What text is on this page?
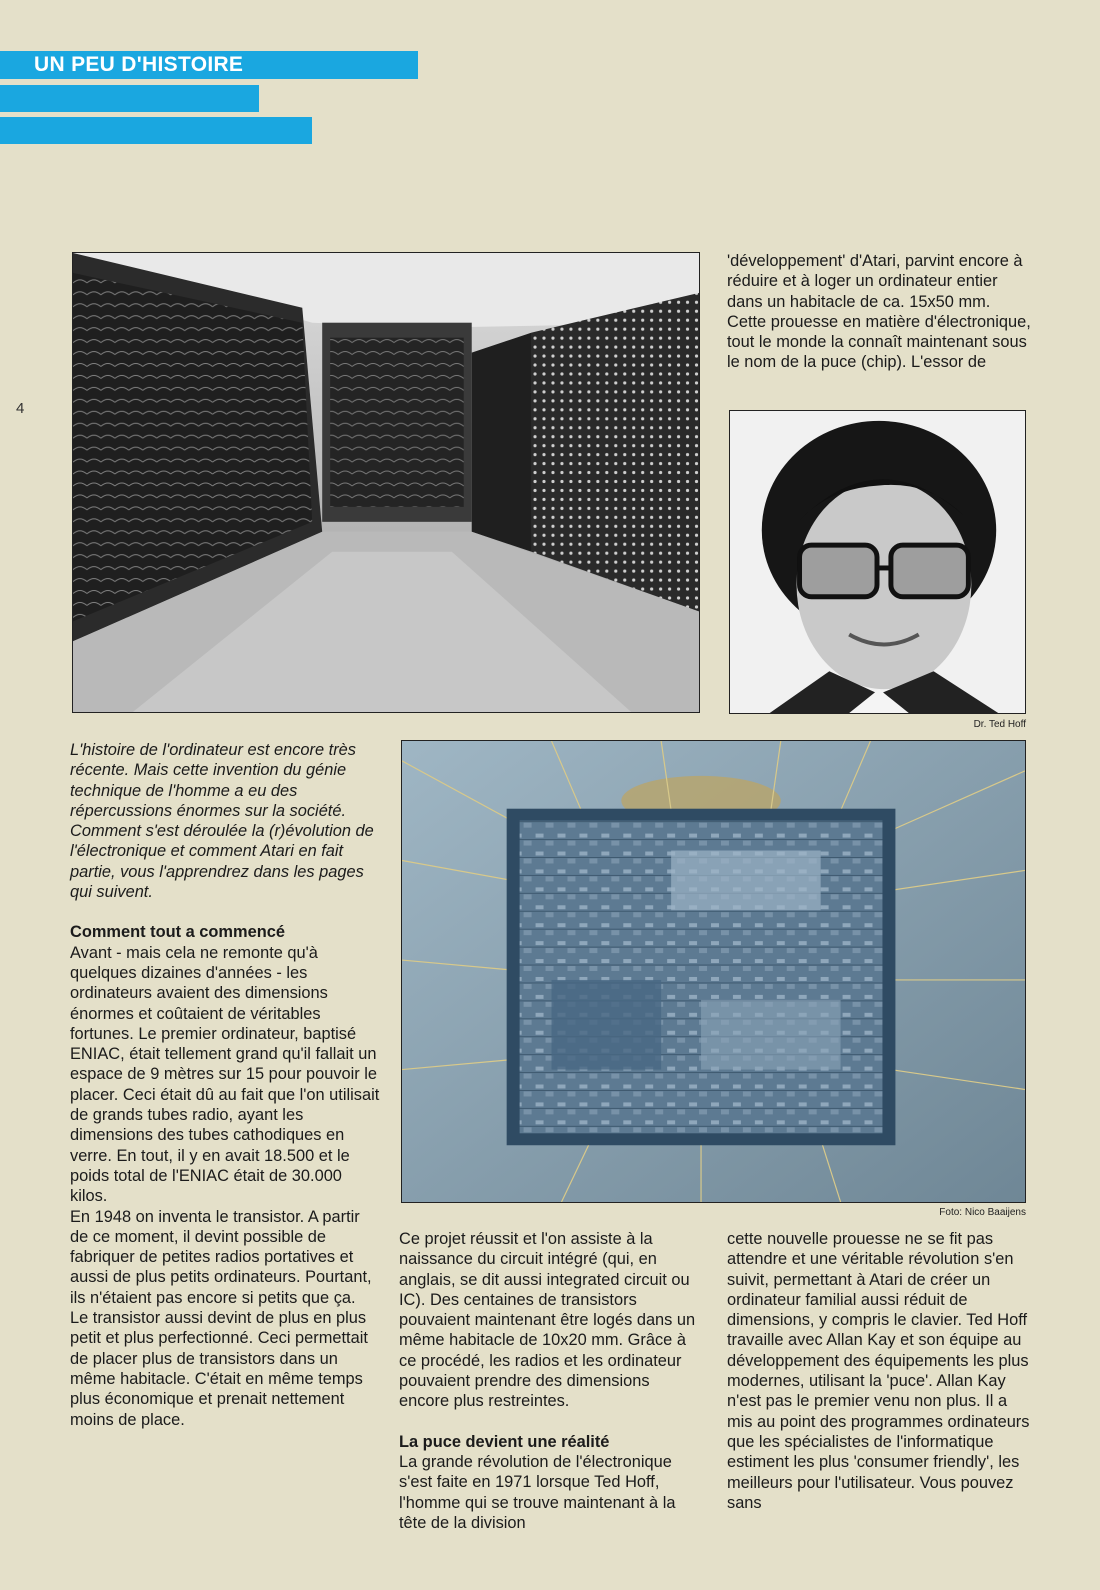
UN PEU D'HISTOIRE
4
Dr. Ted Hoff
Foto: Nico Baaijens

L'histoire de l'ordinateur est encore très récente. Mais cette invention du génie technique de l'homme a eu des répercussions énormes sur la société. Comment s'est déroulée la (r)évolution de l'électronique et comment Atari en fait partie, vous l'apprendrez dans les pages qui suivent.

Comment tout a commencé

Avant - mais cela ne remonte qu'à quelques dizaines d'années - les ordinateurs avaient des dimensions énormes et coûtaient de véritables fortunes. Le premier ordinateur, baptisé ENIAC, était tellement grand qu'il fallait un espace de 9 mètres sur 15 pour pouvoir le placer. Ceci était dû au fait que l'on utilisait de grands tubes radio, ayant les dimensions des tubes cathodiques en verre. En tout, il y en avait 18.500 et le poids total de l'ENIAC était de 30.000 kilos.

En 1948 on inventa le transistor. A partir de ce moment, il devint possible de fabriquer de petites radios portatives et aussi de plus petits ordinateurs. Pourtant, ils n'étaient pas encore si petits que ça.

Le transistor aussi devint de plus en plus petit et plus perfectionné. Ceci permettait de placer plus de transistors dans un même habitacle. C'était en même temps plus économique et prenait nettement moins de place.

Ce projet réussit et l'on assiste à la naissance du circuit intégré (qui, en anglais, se dit aussi integrated circuit ou IC). Des centaines de transistors pouvaient maintenant être logés dans un même habitacle de 10x20 mm. Grâce à ce procédé, les radios et les ordinateur pouvaient prendre des dimensions encore plus restreintes.

La puce devient une réalité

La grande révolution de l'électronique s'est faite en 1971 lorsque Ted Hoff, l'homme qui se trouve maintenant à la tête de la division

'développement' d'Atari, parvint encore à réduire et à loger un ordinateur entier dans un habitacle de ca. 15x50 mm. Cette prouesse en matière d'électronique, tout le monde la connaît maintenant sous le nom de la puce (chip). L'essor de

cette nouvelle prouesse ne se fit pas attendre et une véritable révolution s'en suivit, permettant à Atari de créer un ordinateur familial aussi réduit de dimensions, y compris le clavier. Ted Hoff travaille avec Allan Kay et son équipe au développement des équipements les plus modernes, utilisant la 'puce'. Allan Kay n'est pas le premier venu non plus. Il a mis au point des programmes ordinateurs que les spécialistes de l'informatique estiment les plus 'consumer friendly', les meilleurs pour l'utilisateur. Vous pouvez sans
